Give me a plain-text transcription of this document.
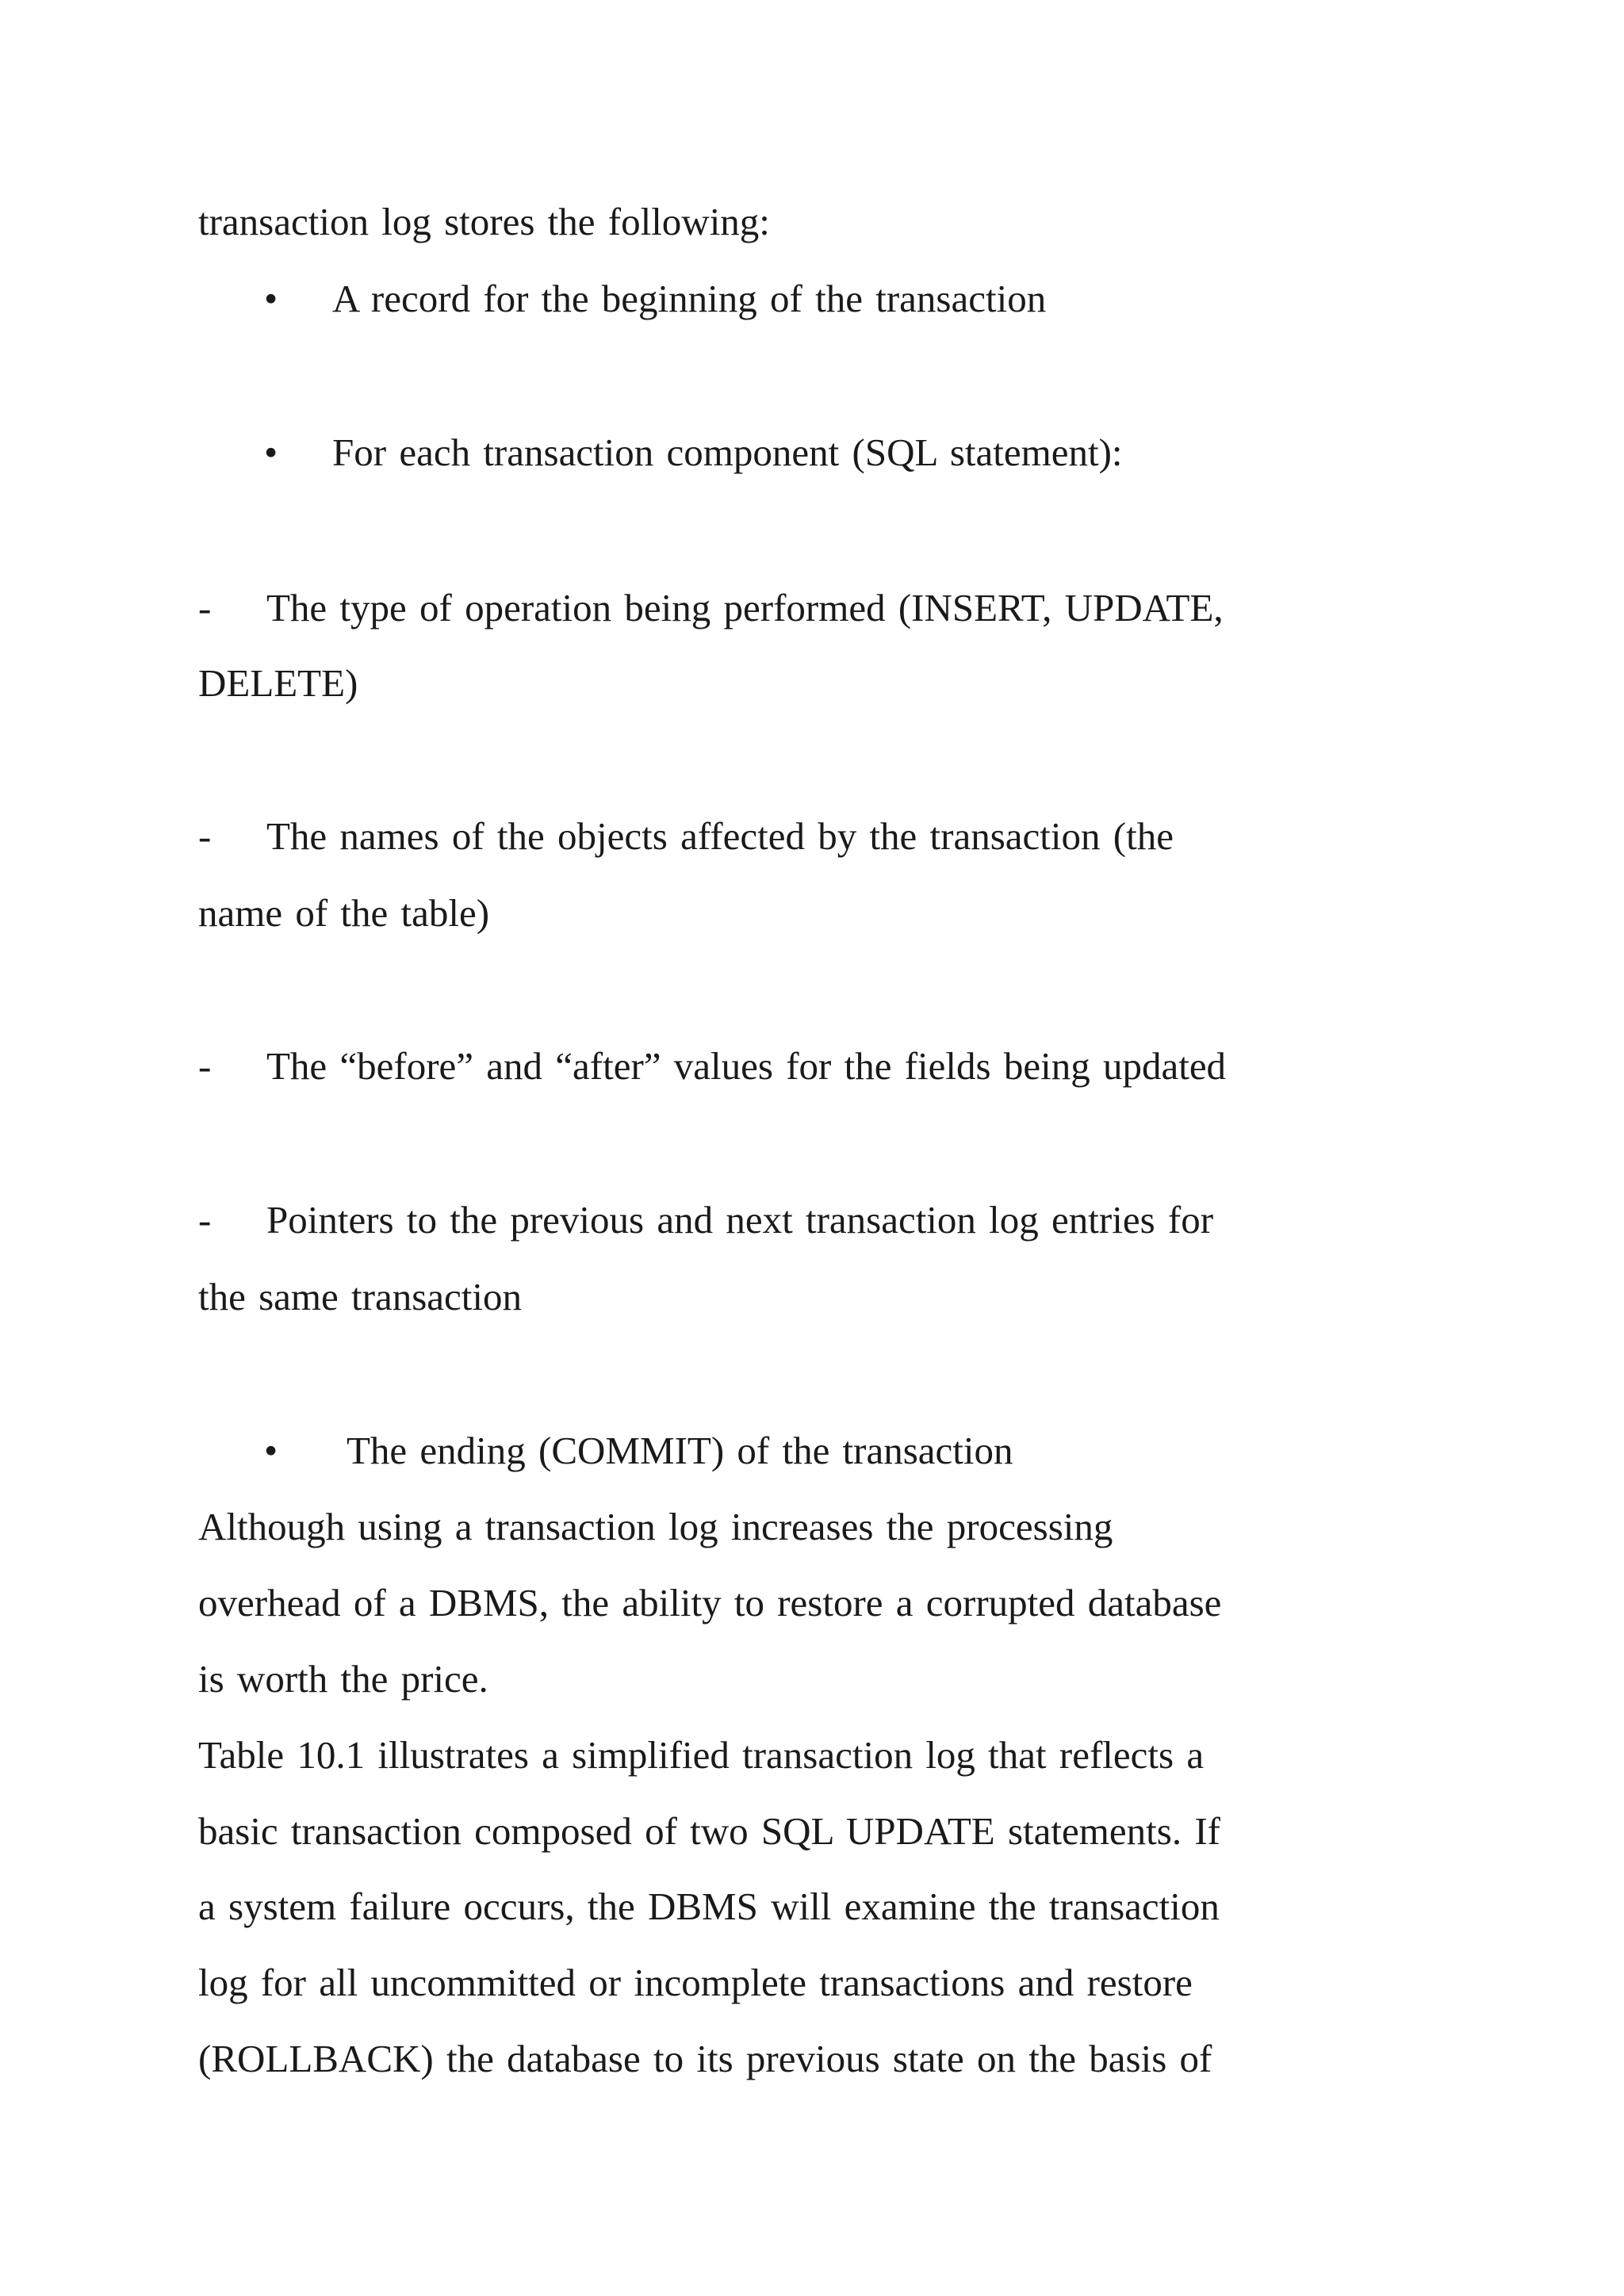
transaction log stores the following:

• A record for the beginning of the transaction

• For each transaction component (SQL statement):

- The type of operation being performed (INSERT, UPDATE,

DELETE)

- The names of the objects affected by the transaction (the

name of the table)

- The “before” and “after” values for the fields being updated

- Pointers to the previous and next transaction log entries for

the same transaction

• The ending (COMMIT) of the transaction

Although using a transaction log increases the processing

overhead of a DBMS, the ability to restore a corrupted database

is worth the price.

Table 10.1 illustrates a simplified transaction log that reflects a

basic transaction composed of two SQL UPDATE statements. If

a system failure occurs, the DBMS will examine the transaction

log for all uncommitted or incomplete transactions and restore

(ROLLBACK) the database to its previous state on the basis of
